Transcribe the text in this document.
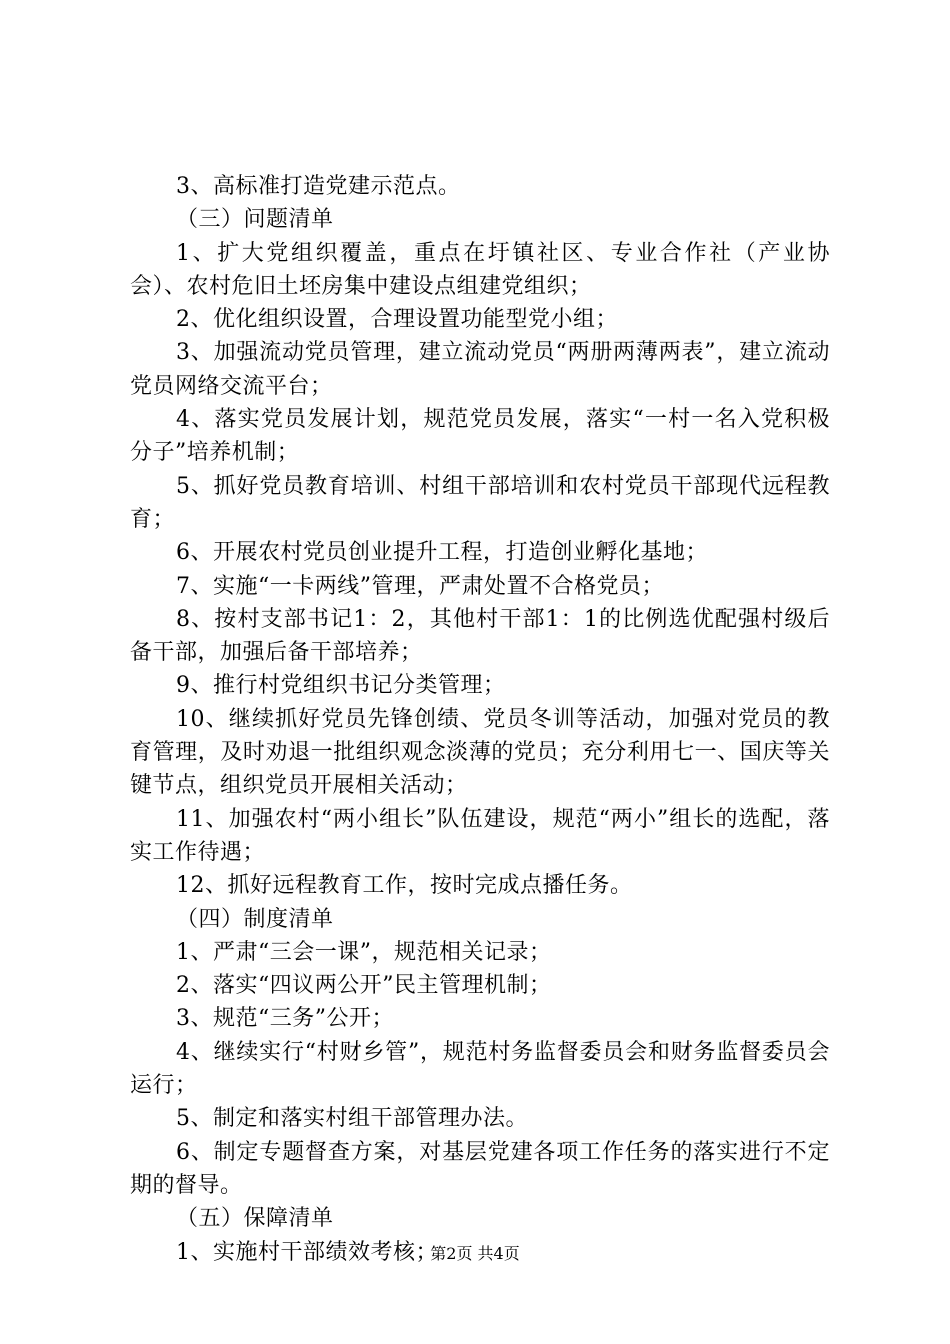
3、高标准打造党建示范点。

（三）问题清单

1、扩大党组织覆盖，重点在圩镇社区、专业合作社（产业协会）、农村危旧土坯房集中建设点组建党组织；

2、优化组织设置，合理设置功能型党小组；

3、加强流动党员管理，建立流动党员“两册两薄两表”，建立流动党员网络交流平台；

4、落实党员发展计划，规范党员发展，落实“一村一名入党积极分子”培养机制；

5、抓好党员教育培训、村组干部培训和农村党员干部现代远程教育；

6、开展农村党员创业提升工程，打造创业孵化基地；

7、实施“一卡两线”管理，严肃处置不合格党员；

8、按村支部书记1：2，其他村干部1：1的比例选优配强村级后备干部，加强后备干部培养；

9、推行村党组织书记分类管理；

10、继续抓好党员先锋创绩、党员冬训等活动，加强对党员的教育管理，及时劝退一批组织观念淡薄的党员；充分利用七一、国庆等关键节点，组织党员开展相关活动；

11、加强农村“两小组长”队伍建设，规范“两小”组长的选配，落实工作待遇；

12、抓好远程教育工作，按时完成点播任务。

（四）制度清单

1、严肃“三会一课”，规范相关记录；

2、落实“四议两公开”民主管理机制；

3、规范“三务”公开；

4、继续实行“村财乡管”，规范村务监督委员会和财务监督委员会运行；

5、制定和落实村组干部管理办法。

6、制定专题督查方案，对基层党建各项工作任务的落实进行不定期的督导。

（五）保障清单

1、实施村干部绩效考核；

第2页 共4页
